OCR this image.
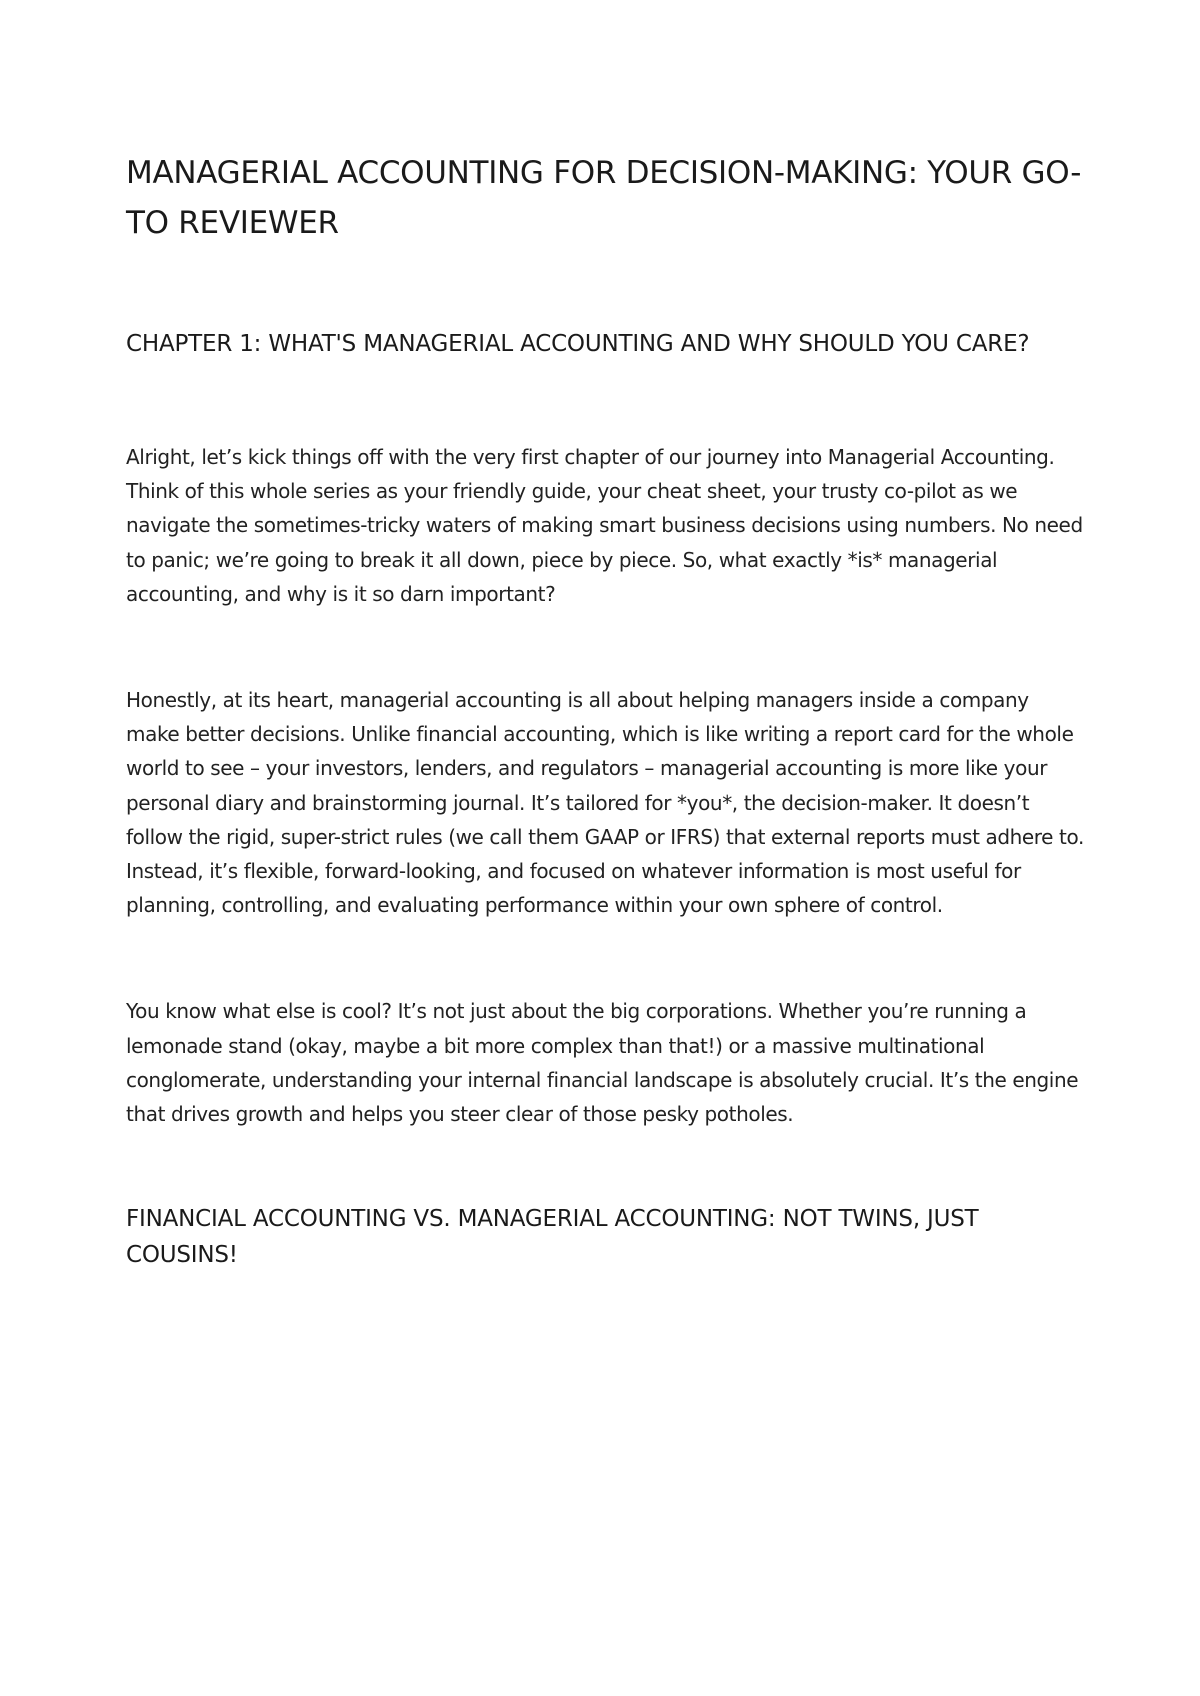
MANAGERIAL ACCOUNTING FOR DECISION-MAKING: YOUR GO-TO REVIEWER
CHAPTER 1: WHAT'S MANAGERIAL ACCOUNTING AND WHY SHOULD YOU CARE?

Alright, let’s kick things off with the very first chapter of our journey into Managerial Accounting. Think of this whole series as your friendly guide, your cheat sheet, your trusty co-pilot as we navigate the sometimes-tricky waters of making smart business decisions using numbers. No need to panic; we’re going to break it all down, piece by piece. So, what exactly *is* managerial accounting, and why is it so darn important?

Honestly, at its heart, managerial accounting is all about helping managers inside a company make better decisions. Unlike financial accounting, which is like writing a report card for the whole world to see – your investors, lenders, and regulators – managerial accounting is more like your personal diary and brainstorming journal. It’s tailored for *you*, the decision-maker. It doesn’t follow the rigid, super-strict rules (we call them GAAP or IFRS) that external reports must adhere to. Instead, it’s flexible, forward-looking, and focused on whatever information is most useful for planning, controlling, and evaluating performance within your own sphere of control.

You know what else is cool? It’s not just about the big corporations. Whether you’re running a lemonade stand (okay, maybe a bit more complex than that!) or a massive multinational conglomerate, understanding your internal financial landscape is absolutely crucial. It’s the engine that drives growth and helps you steer clear of those pesky potholes.

FINANCIAL ACCOUNTING VS. MANAGERIAL ACCOUNTING: NOT TWINS, JUST COUSINS!
